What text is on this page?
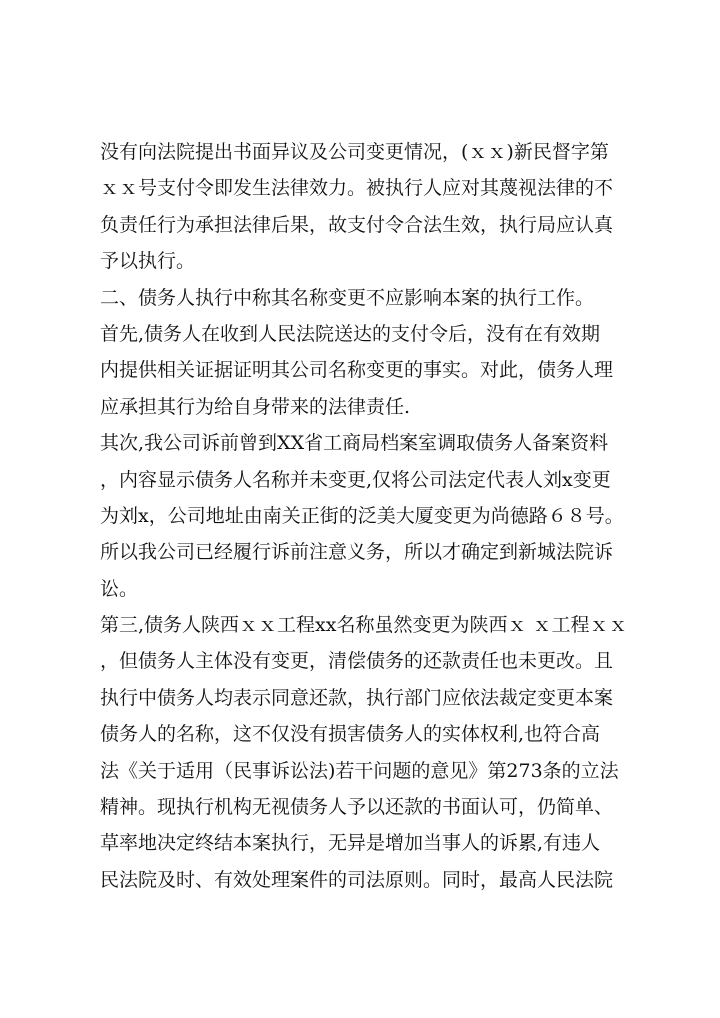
没有向法院提出书面异议及公司变更情况，(ｘｘ)新民督字第
ｘｘ号支付令即发生法律效力。被执行人应对其蔑视法律的不
负责任行为承担法律后果，故支付令合法生效，执行局应认真
予以执行。
二、债务人执行中称其名称变更不应影响本案的执行工作。
首先,债务人在收到人民法院送达的支付令后，没有在有效期
内提供相关证据证明其公司名称变更的事实。对此，债务人理
应承担其行为给自身带来的法律责任.
其次,我公司诉前曾到XX省工商局档案室调取债务人备案资料
，内容显示债务人名称并未变更,仅将公司法定代表人刘x变更
为刘x，公司地址由南关正街的泛美大厦变更为尚德路６８号。
所以我公司已经履行诉前注意义务，所以才确定到新城法院诉
讼。
第三,债务人陕西ｘｘ工程xx名称虽然变更为陕西ｘ ｘ工程ｘｘ
，但债务人主体没有变更，清偿债务的还款责任也未更改。且
执行中债务人均表示同意还款，执行部门应依法裁定变更本案
债务人的名称，这不仅没有损害债务人的实体权利,也符合高
法《关于适用（民事诉讼法)若干问题的意见》第273条的立法
精神。现执行机构无视债务人予以还款的书面认可，仍简单、
草率地决定终结本案执行，无异是增加当事人的诉累,有违人
民法院及时、有效处理案件的司法原则。同时，最高人民法院
